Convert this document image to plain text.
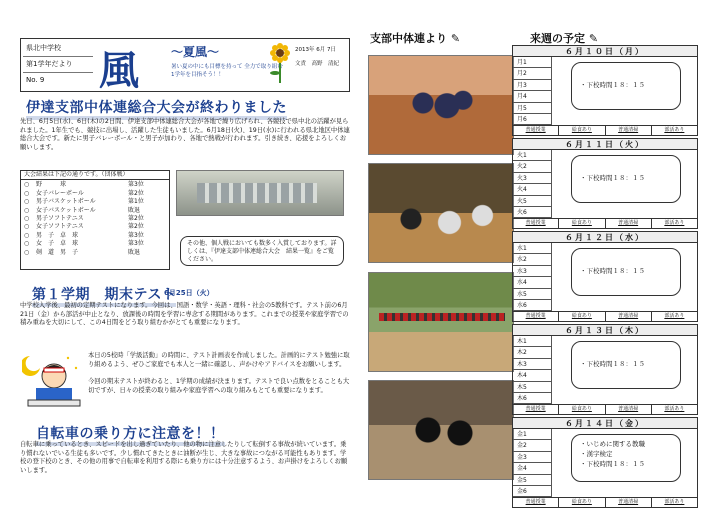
県北中学校
第1学年だより
No. 9	風	～夏風～
暑い夏の中にも目標を持って 全力で取り組む1学年を目指そう！！
2013年 6月 7日
文責　高野　清紀
伊達支部中体連総合大会が終わりました
先日、6月5日(水)、6日(木)の2日間、伊達支部中体連総合大会が各地で繰り広げられ、各競技で県中北の活躍が見られました。1年生でも、競技に出場し、活躍した生徒もいました。6月18日(火)、19日(水)に行われる県北地区中体連総合大会です。新たに男子バレーボール・と男子が加わり、各地で熱戦が行われます。引き続き、応援をよろしくお願いします。
大会結果は下記の通りです。（団体戦）
○	野　　　球	第3位
○	女子バレーボール	第2位
○	男子バスケットボール	第1位
○	女子バスケットボール	敗退
○	男子ソフトテニス	第2位
○	女子ソフトテニス	第2位
○	男　子　卓　球	第3位
○	女　子　卓　球	第3位
○	剣　道　男　子	敗退
その他、個人戦においても数多く入賞しております。詳しくは、『伊達支部中体連総合大会　結果一覧』をご覧ください。
第１学期　期末テスト
6月25日（火）
中学校入学後、最初の定期テストになります。今回は、国語・数学・英語・理科・社会の5教科です。テスト前の6月21日（金）から部活が中止となり、放課後の時間を学習に専念する期間があります。これまでの授業や家庭学習での積み重ねを大切にして、この4日間をどう取り組むかがとても重要になります。
本日の5校時「学級活動」の時間に、テスト計画表を作成しました。計画的にテスト勉強に取り組めるよう、ぜひご家庭でも本人と一緒に確認し、声かけやアドバイスをお願いします。
今回の期末テストが終わると、1学期の成績が決まります。テストで良い点数をとることも大切ですが、日々の授業の取り組みや家庭学習への取り組みもとても重要になります。
自転車の乗り方に注意を！！
自転車に乗っているとき、スピードを出し過ぎていたり、他の物に注意したりして転倒する事故が続いています。乗り慣れないでいる生徒も多いです。少し慣れてきたときに油断が生じ、大きな事故につながる可能性もあります。学校の登下校のとき、その他の用事で自転車を利用する際にも乗り方には十分注意するよう、お声掛けをよろしくお願いします。
支部中体連より ✎	来週の予定 ✎
６月１０日（月）
月1
月2
月3
月4
月5
月6
・下校時間１８：１５
普通授業	給食あり	普通清掃	部活あり
６月１１日（火）
火1
火2
火3
火4
火5
火6
・下校時間１８：１５
普通授業	給食あり	普通清掃	部活あり
６月１２日（水）
水1
水2
水3
水4
水5
水6
・下校時間１８：１５
普通授業	給食あり	普通清掃	部活あり
６月１３日（木）
木1
木2
木3
木4
木5
木6
・下校時間１８：１５
普通授業	給食あり	普通清掃	部活あり
６月１４日（金）
金1
金2
金3
金4
金5
金6
・いじめに関する教職
・漢字検定
・下校時間１８：１５
普通授業	給食あり	普通清掃	部活あり
